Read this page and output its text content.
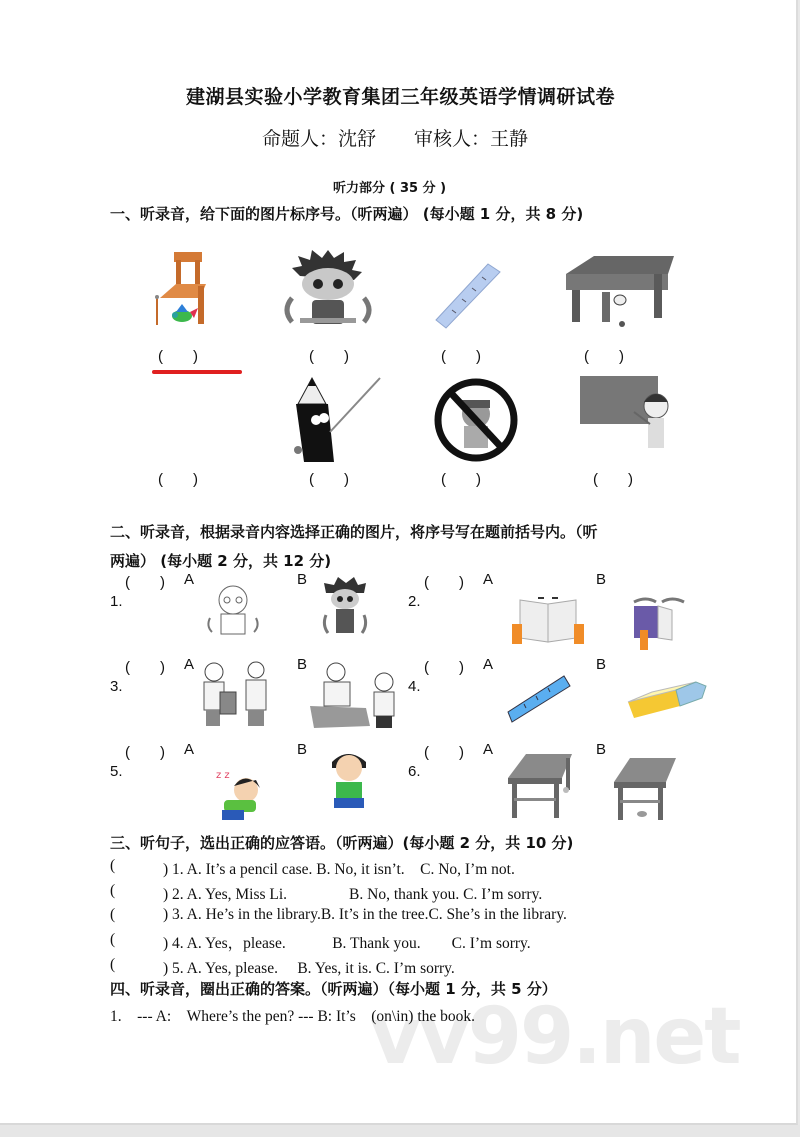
vv99.net
建湖县实验小学教育集团三年级英语学情调研试卷
命题人：沈舒　　审核人：王静
听力部分 ( 35 分 )
一、听录音，给下面的图片标序号。（听两遍） (每小题 1 分，共 8 分)
(　　)	(　　)	(　　)	(　　)
(　　)	(　　)	(　　)	(　　)
二、听录音，根据录音内容选择正确的图片，将序号写在题前括号内。（听
两遍） (每小题 2 分，共 12 分)
(　　) A	B
1.
(　　) A	B
2.
(　　) A	B
3.
(　　) A	B
4.
(　　) A	B
5.	z z
(　　) A	B
6.
三、听句子，选出正确的应答语。（听两遍）(每小题 2 分，共 10 分)
(	) 1. A. It’s a pencil case. B. No, it isn’t.　C. No, I’m not.
(	) 2. A. Yes, Miss Li.　　　　B. No, thank you. C. I’m sorry.
(	) 3. A. He’s in the library.B. It’s in the tree.C. She’s in the library.
(	) 4. A. Yes，please.　　　B. Thank you.　　C. I’m sorry.
(	) 5. A. Yes, please.　 B. Yes, it is. C. I’m sorry.
四、听录音，圈出正确的答案。（听两遍）（每小题 1 分，共 5 分）
1.　--- A:　Where’s the pen? --- B: It’s　(on\in) the book.
